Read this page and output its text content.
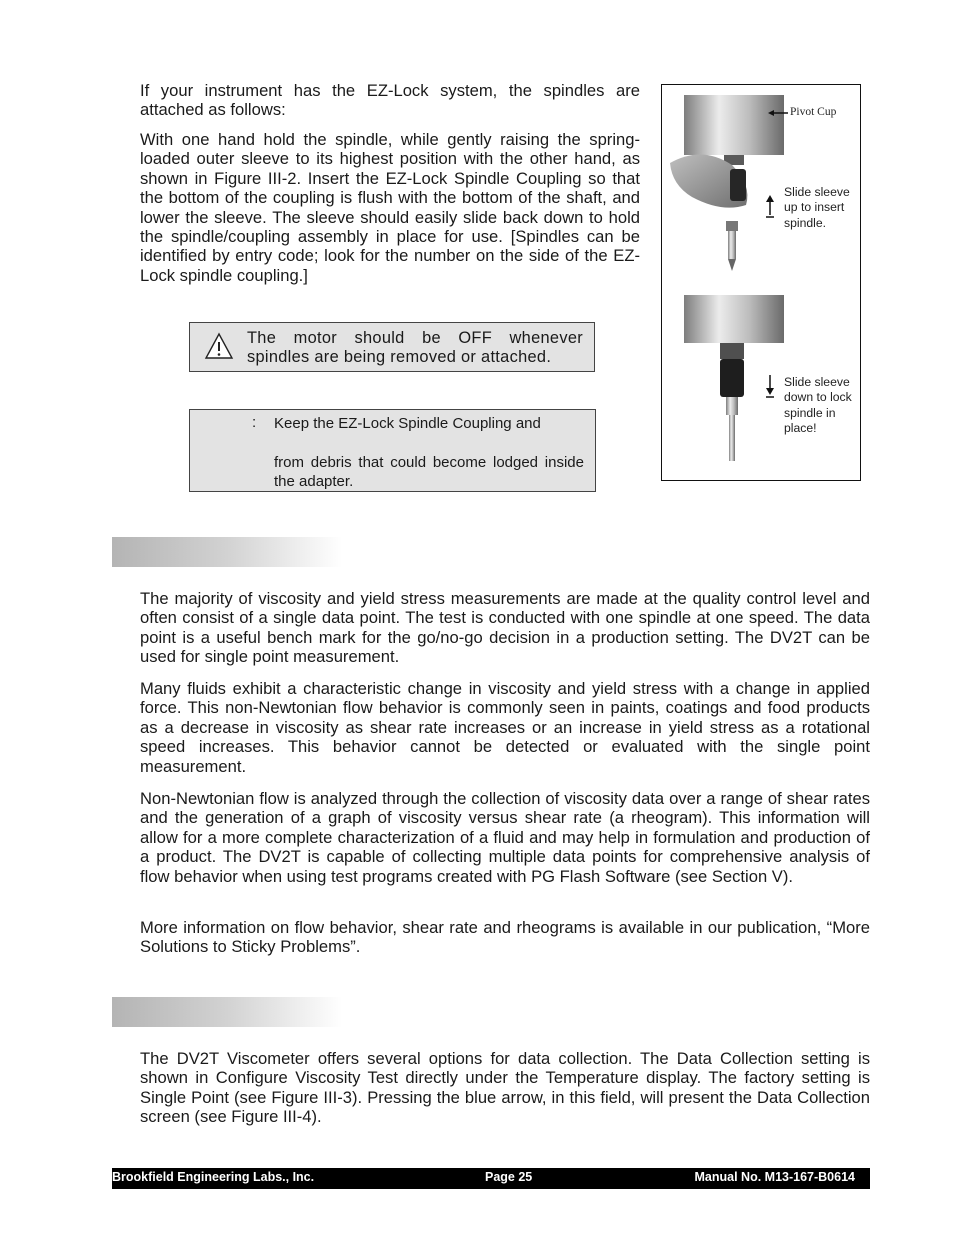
If your instrument has the EZ-Lock system, the spindles are attached as follows:

With one hand hold the spindle, while gently raising the spring-loaded outer sleeve to its highest position with the other hand, as shown in Figure III-2. Insert the EZ-Lock Spindle Coupling so that the bottom of the coupling is flush with the bottom of the shaft, and lower the sleeve. The sleeve should easily slide back down to hold the spindle/coupling assembly in place for use. [Spindles can be identified by entry code; look for the number on the side of the EZ-Lock spindle coupling.]

The motor should be OFF whenever spindles are being removed or attached.
: Keep the EZ-Lock Spindle Coupling and
from debris that could become lodged inside the adapter.
Pivot Cup
Slide sleeve up to insert spindle.
Slide sleeve down to lock spindle in place!

The majority of viscosity and yield stress measurements are made at the quality control level and often consist of a single data point. The test is conducted with one spindle at one speed. The data point is a useful bench mark for the go/no-go decision in a production setting. The DV2T can be used for single point measurement.

Many fluids exhibit a characteristic change in viscosity and yield stress with a change in applied force. This non-Newtonian flow behavior is commonly seen in paints, coatings and food products as a decrease in viscosity as shear rate increases or an increase in yield stress as a rotational speed increases. This behavior cannot be detected or evaluated with the single point measurement.

Non-Newtonian flow is analyzed through the collection of viscosity data over a range of shear rates and the generation of a graph of viscosity versus shear rate (a rheogram). This information will allow for a more complete characterization of a fluid and may help in formulation and production of a product. The DV2T is capable of collecting multiple data points for comprehensive analysis of flow behavior when using test programs created with PG Flash Software (see Section V).

More information on flow behavior, shear rate and rheograms is available in our publication, “More Solutions to Sticky Problems”.

The DV2T Viscometer offers several options for data collection. The Data Collection setting is shown in Configure Viscosity Test directly under the Temperature display. The factory setting is Single Point (see Figure III-3). Pressing the blue arrow, in this field, will present the Data Collection screen (see Figure III-4).

Brookfield Engineering Labs., Inc.	Page 25	Manual No. M13-167-B0614
